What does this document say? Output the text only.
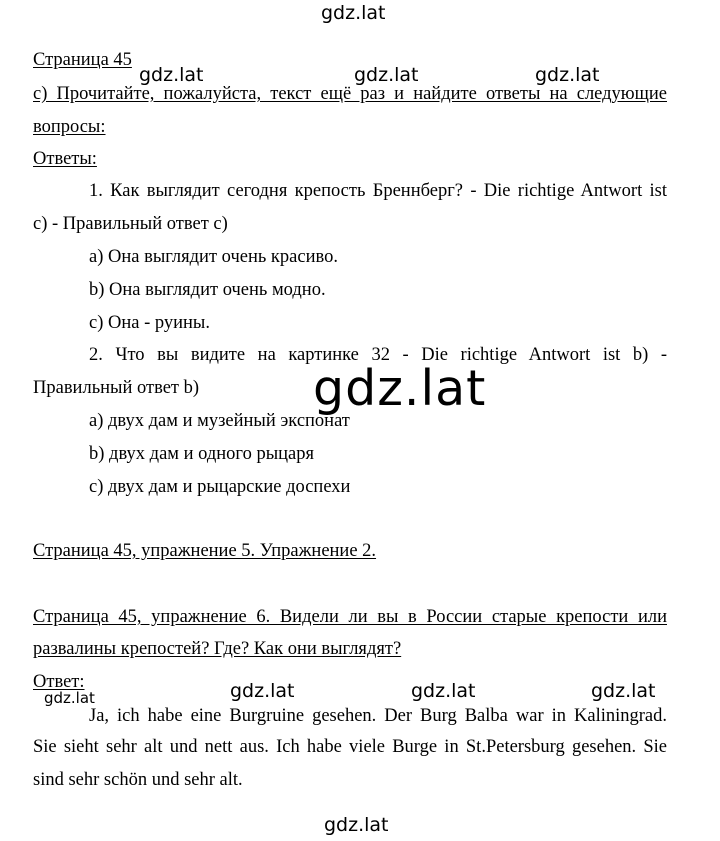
gdz.lat
gdz.lat	gdz.lat	gdz.lat
Страница 45
c) Прочитайте, пожалуйста, текст ещё раз и найдите ответы на следующие
вопросы:
Ответы:
1. Как выглядит сегодня крепость Бреннберг? - Die richtige Antwort ist
c) - Правильный ответ c)
a) Она выглядит очень красиво.
b) Она выглядит очень модно.
c) Она - руины.
2. Что вы видите на картинке 32 - Die richtige Antwort ist b) -
Правильный ответ b)
a) двух дам и музейный экспонат
b) двух дам и одного рыцаря
c) двух дам и рыцарские доспехи
gdz.lat
Страница 45, упражнение 5. Упражнение 2.
Страница 45, упражнение 6. Видели ли вы в России старые крепости или
развалины крепостей? Где? Как они выглядят?
Ответ:
gdz.lat	gdz.lat	gdz.lat	gdz.lat
Ja, ich habe eine Burgruine gesehen. Der Burg Balba war in Kaliningrad.
Sie sieht sehr alt und nett aus. Ich habe viele Burge in St.Petersburg gesehen. Sie
sind sehr schön und sehr alt.
gdz.lat
